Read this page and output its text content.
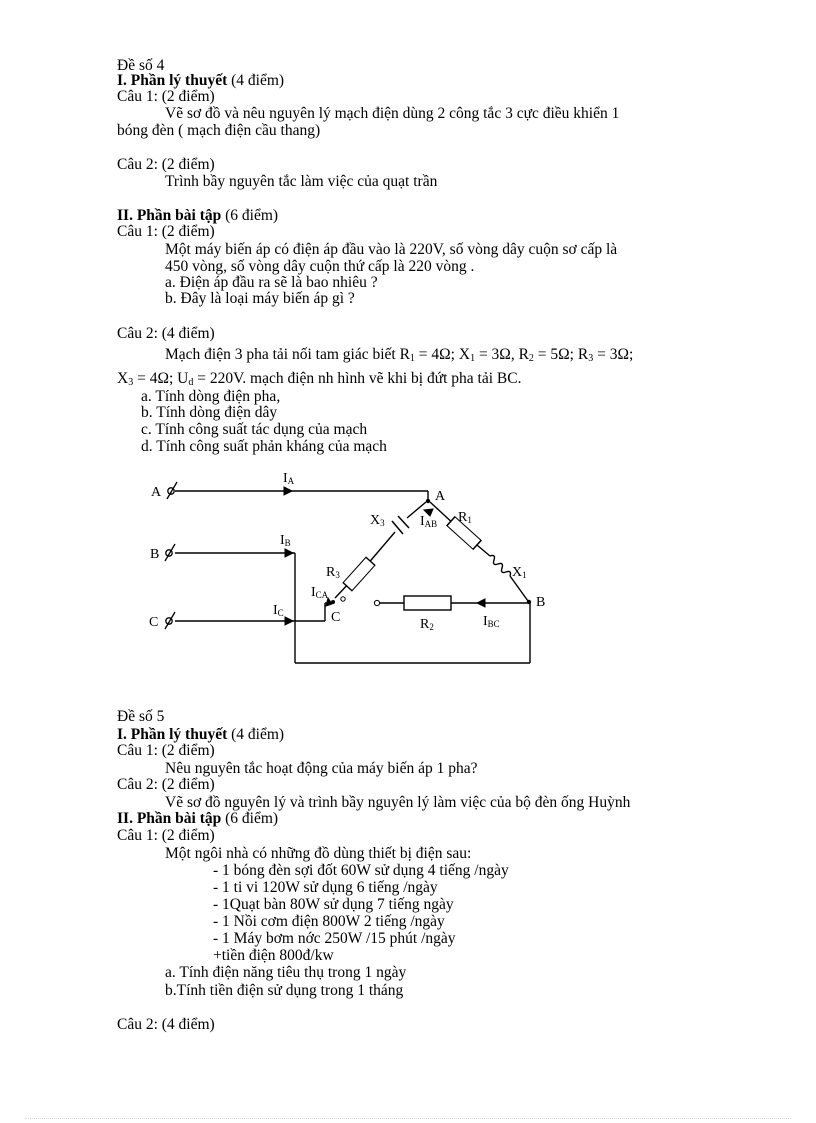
Đề số 4
I. Phần lý thuyết (4 điểm)
Câu 1: (2 điểm)
Vẽ sơ đồ và nêu nguyên lý mạch điện dùng 2 công tắc 3 cực điều khiển 1
bóng đèn ( mạch điện cầu thang)
Câu 2: (2 điểm)
Trình bầy nguyên tắc làm việc của quạt trần
II. Phần bài tập (6 điểm)
Câu 1: (2 điểm)
Một máy biến áp có điện áp đầu vào là 220V, số vòng dây cuộn sơ cấp là
450 vòng, số vòng dây cuộn thứ cấp là 220 vòng .
a. Điện áp đầu ra sẽ là bao nhiêu ?
b. Đây là loại máy biến áp gì ?
Câu 2: (4 điểm)
Mạch điện 3 pha tải nối tam giác biết $R_1 = 4\Omega$; $X_1 = 3\Omega$, $R_2 = 5\Omega$; $R_3 = 3\Omega$;
$X_3 = 4\Omega$; $U_d = 220V$. mạch điện nh hình vẽ khi bị đứt pha tải BC.
a. Tính dòng điện pha,
b. Tính dòng điện dây
c. Tính công suất tác dụng của mạch
d. Tính công suất phản kháng của mạch
A
B
C
IA
IB
IC
A
B
C
X3	IAB R1
X1
R3
ICA
R2	IBC
Đề số 5
I. Phần lý thuyết (4 điểm)
Câu 1: (2 điểm)
Nêu nguyên tắc hoạt động của máy biến áp 1 pha?
Câu 2: (2 điểm)
Vẽ sơ đồ nguyên lý và trình bầy nguyên lý làm việc của bộ đèn ống Huỳnh
II. Phần bài tập (6 điểm)
Câu 1: (2 điểm)
Một ngôi nhà có những đồ dùng thiết bị điện sau:
- 1 bóng đèn sợi đốt 60W sử dụng 4 tiếng /ngày
- 1 ti vi 120W sử dụng 6 tiếng /ngày
- 1Quạt bàn 80W sử dụng 7 tiếng ngày
- 1 Nồi cơm điện 800W 2 tiếng /ngày
- 1 Máy bơm nớc 250W /15 phút /ngày
+tiền điện 800đ/kw
a. Tính điện năng tiêu thụ trong 1 ngày
b.Tính tiền điện sử dụng trong 1 tháng
Câu 2: (4 điểm)
